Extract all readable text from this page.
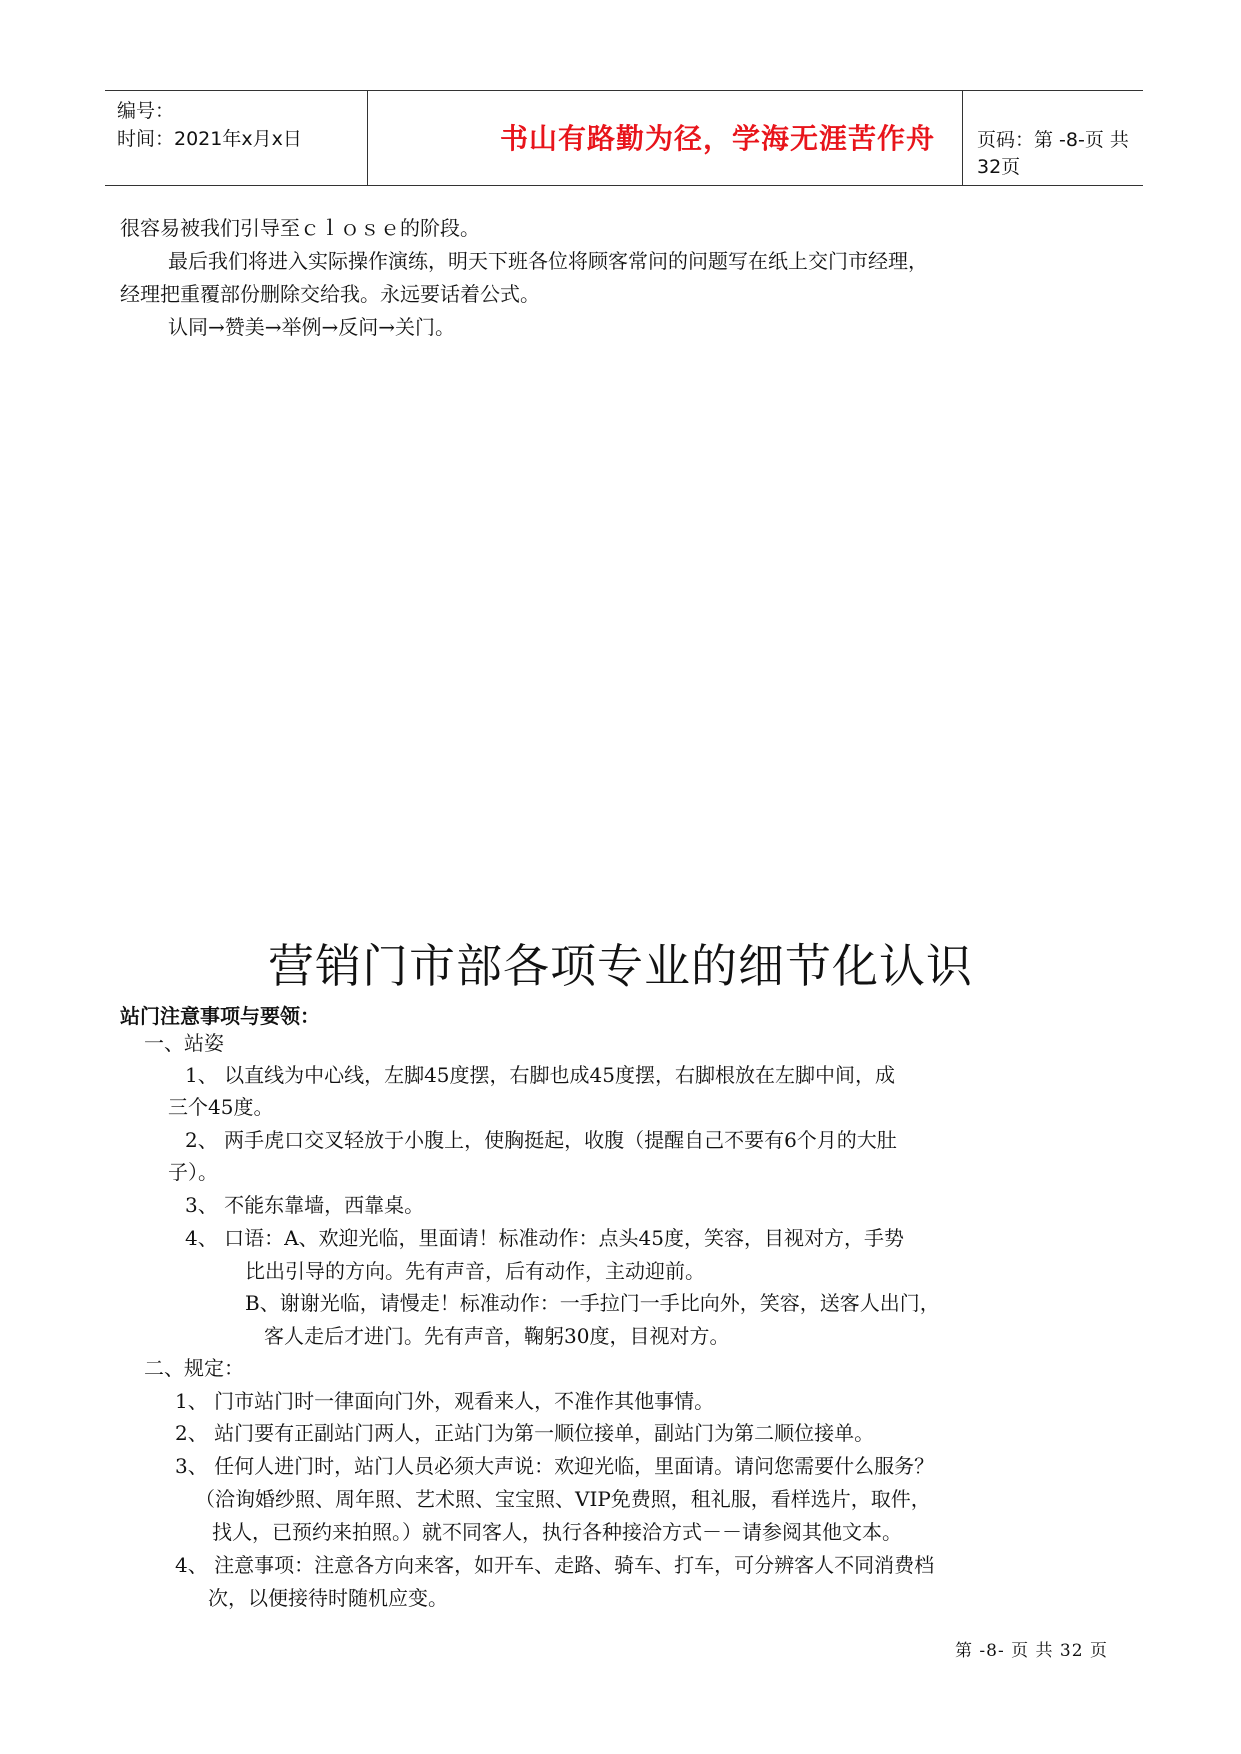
编号：
时间：2021年x月x日	书山有路勤为径，学海无涯苦作舟	页码：第 -8-页 共32页
很容易被我们引导至ｃｌｏｓｅ的阶段。
最后我们将进入实际操作演练，明天下班各位将顾客常问的问题写在纸上交门市经理，
经理把重覆部份删除交给我。永远要话着公式。
认同→赞美→举例→反问→关门。
营销门市部各项专业的细节化认识
站门注意事项与要领：
一、站姿
1、 以直线为中心线，左脚45度摆，右脚也成45度摆，右脚根放在左脚中间，成
三个45度。
2、 两手虎口交叉轻放于小腹上，使胸挺起，收腹（提醒自己不要有6个月的大肚
子）。
3、 不能东靠墙，西靠桌。
4、 口语：A、欢迎光临，里面请！标准动作：点头45度，笑容，目视对方，手势
比出引导的方向。先有声音，后有动作，主动迎前。
B、谢谢光临，请慢走！标准动作：一手拉门一手比向外，笑容，送客人出门，
客人走后才进门。先有声音，鞠躬30度，目视对方。
二、规定：
1、 门市站门时一律面向门外，观看来人，不准作其他事情。
2、 站门要有正副站门两人，正站门为第一顺位接单，副站门为第二顺位接单。
3、 任何人进门时，站门人员必须大声说：欢迎光临，里面请。请问您需要什么服务？
（洽询婚纱照、周年照、艺术照、宝宝照、VIP免费照，租礼服，看样选片，取件，
找人，已预约来拍照。）就不同客人，执行各种接洽方式－－请参阅其他文本。
4、 注意事项：注意各方向来客，如开车、走路、骑车、打车，可分辨客人不同消费档
次，以便接待时随机应变。
第 -8- 页 共 32 页
